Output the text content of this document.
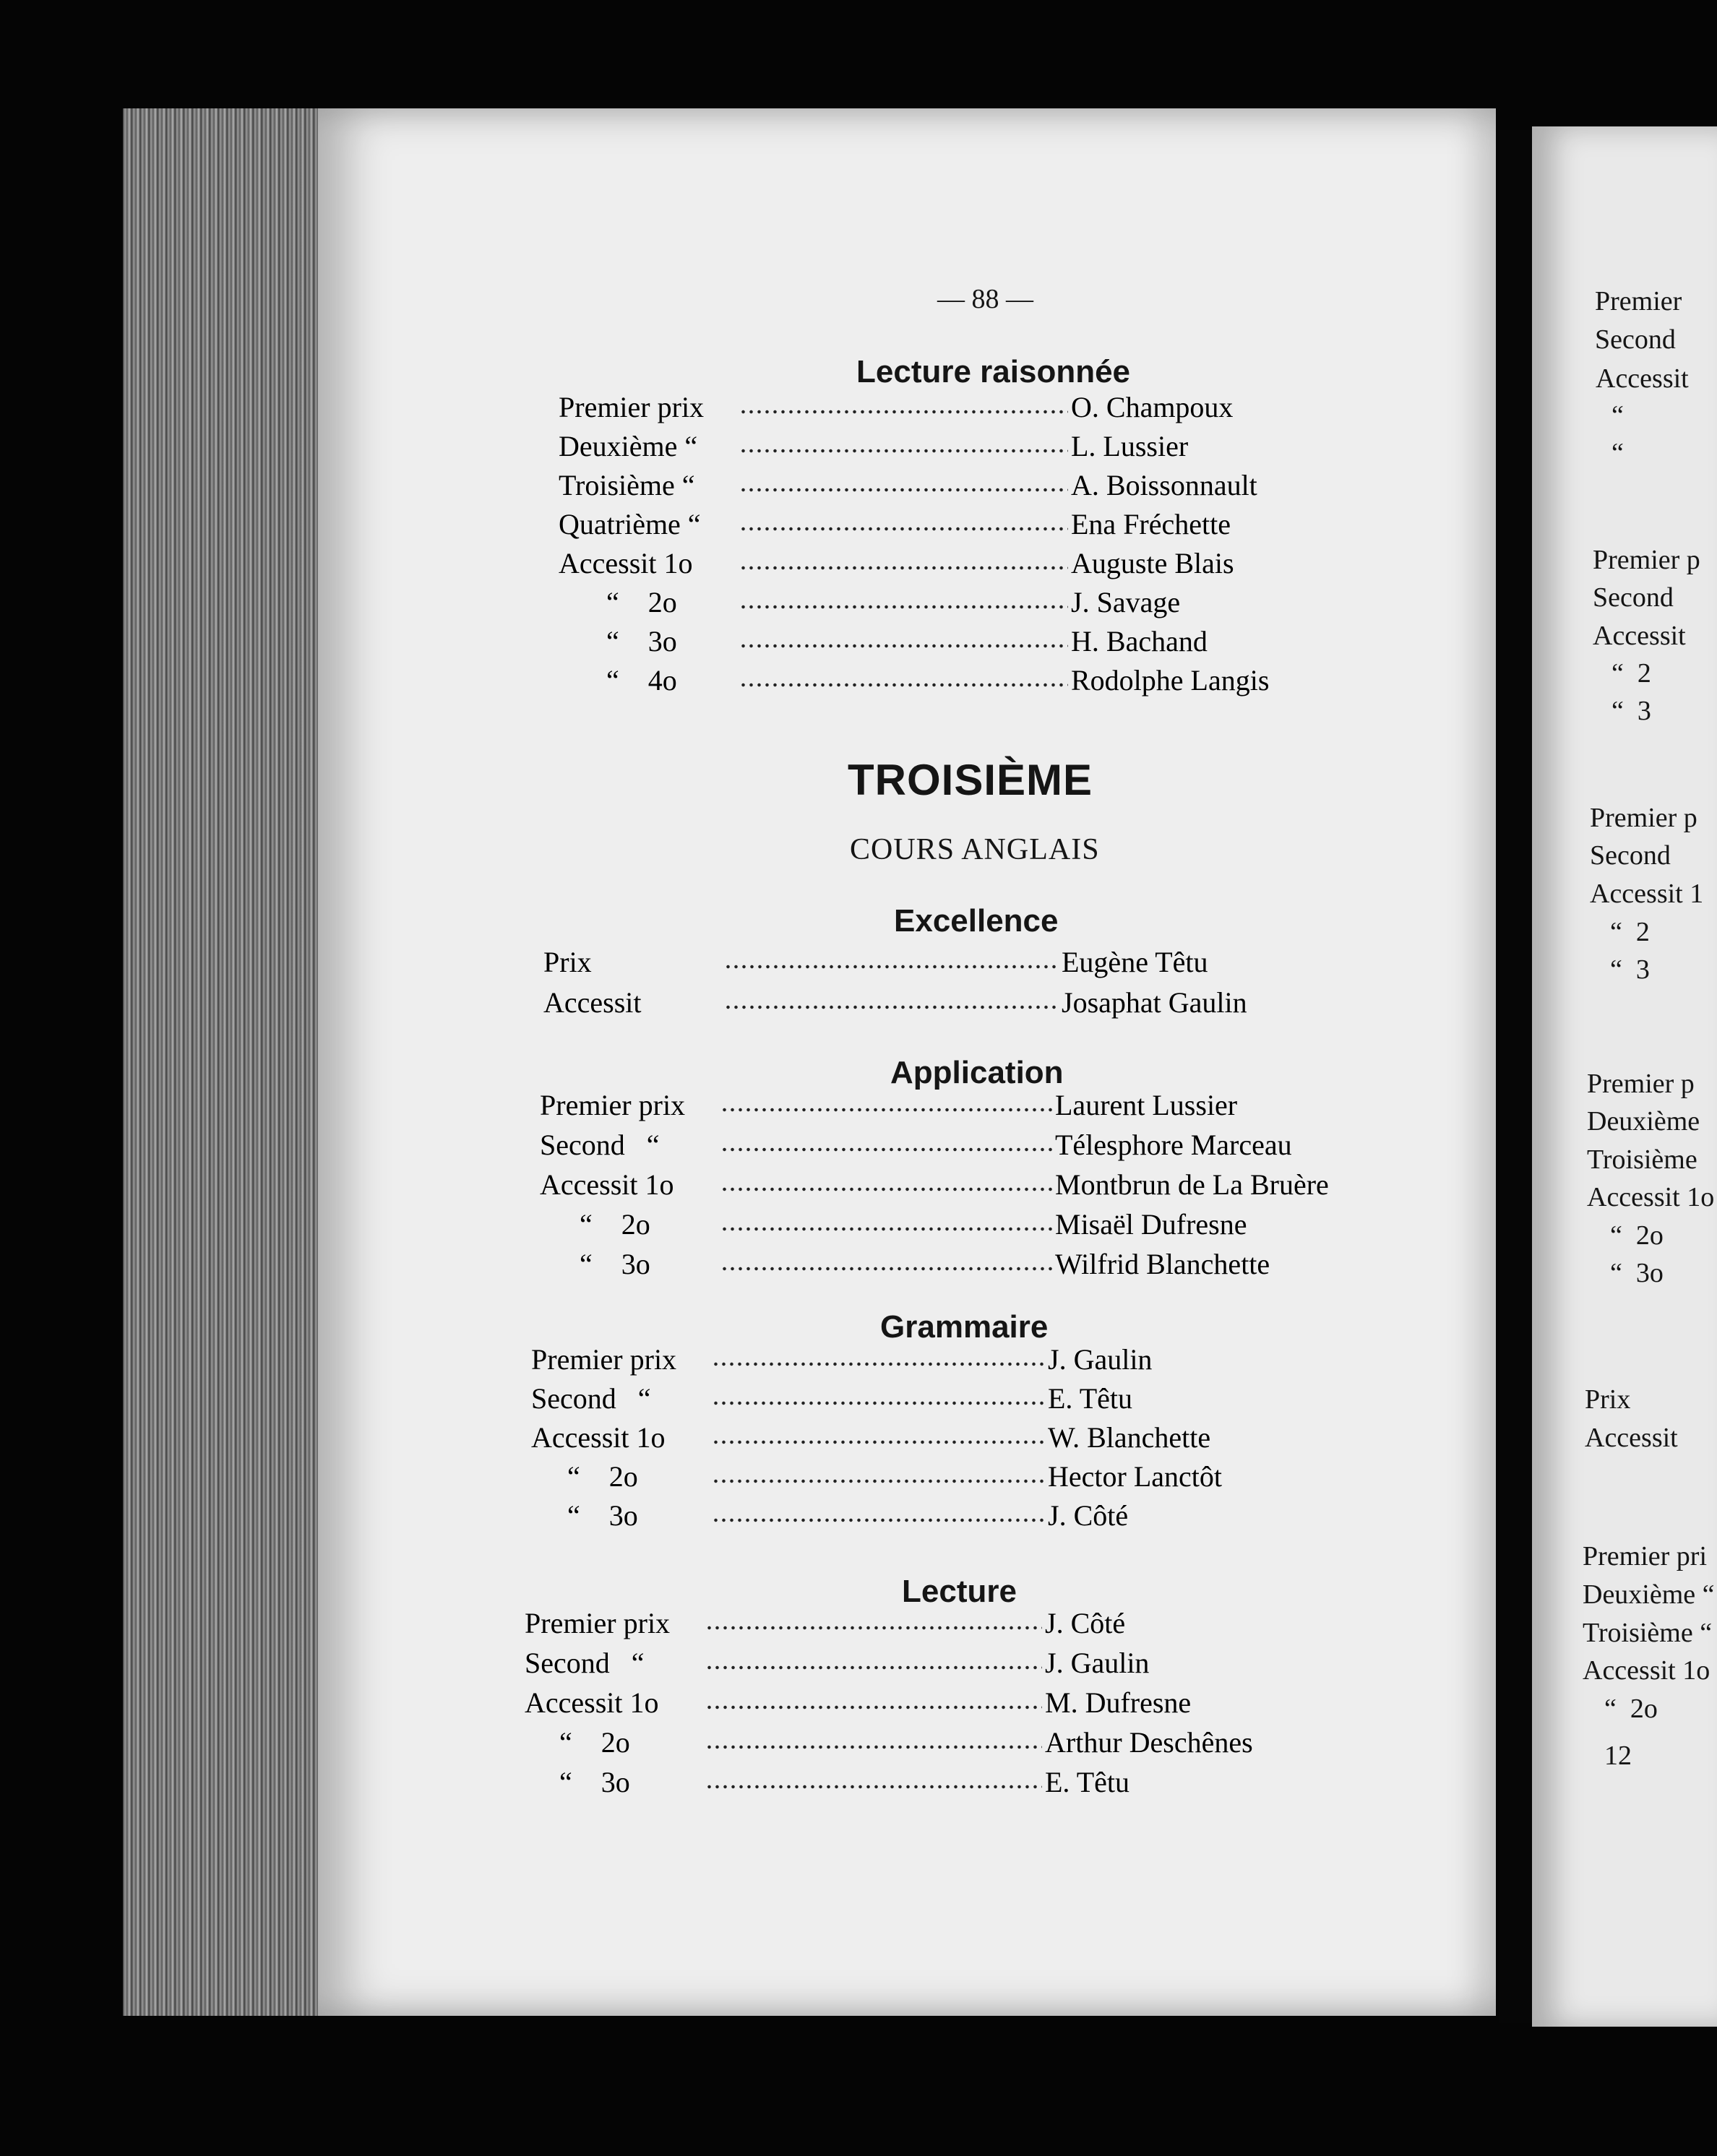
— 88 —
Lecture raisonnée
Premier prix	O. Champoux
Deuxième “	L. Lussier
Troisième “	A. Boissonnault
Quatrième “	Ena Fréchette
Accessit 1o	Auguste Blais
“    2o	J. Savage
“    3o	H. Bachand
“    4o	Rodolphe Langis
TROISIÈME
COURS ANGLAIS
Excellence
Prix	Eugène Têtu
Accessit	Josaphat Gaulin
Application
Premier prix	Laurent Lussier
Second   “	Télesphore Marceau
Accessit 1o	Montbrun de La Bruère
“    2o	Misaël Dufresne
“    3o	Wilfrid Blanchette
Grammaire
Premier prix	J. Gaulin
Second   “	E. Têtu
Accessit 1o	W. Blanchette
“    2o	Hector Lanctôt
“    3o	J. Côté
Lecture
Premier prix	J. Côté
Second   “	J. Gaulin
Accessit 1o	M. Dufresne
“    2o	Arthur Deschênes
“    3o	E. Têtu
Premier
Second
Accessit
“
“
Premier p
Second
Accessit
“  2
“  3
Premier p
Second
Accessit 1
“  2
“  3
Premier p
Deuxième
Troisième
Accessit 1o
“  2o
“  3o
Prix
Accessit
Premier pri
Deuxième “
Troisième “
Accessit 1o
“  2o
12
